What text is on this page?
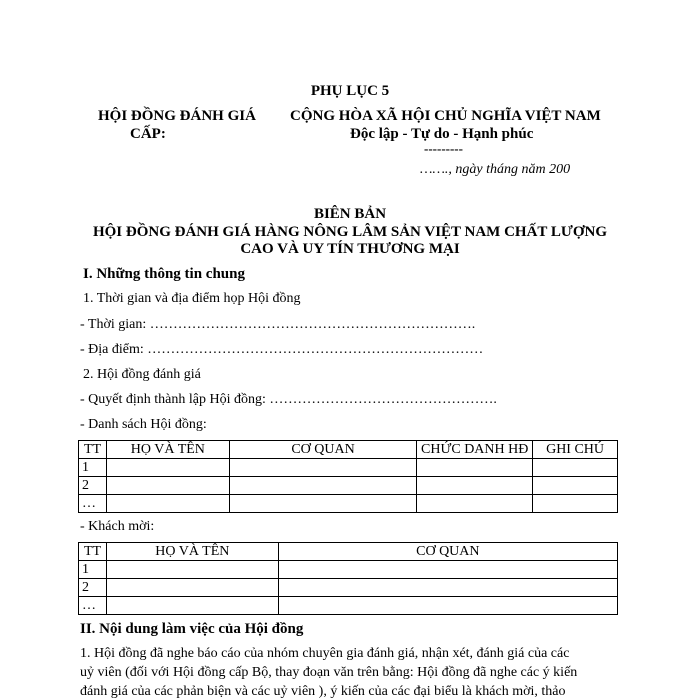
PHỤ LỤC 5
HỘI ĐỒNG ĐÁNH GIÁ
CẤP:
CỘNG HÒA XÃ HỘI CHỦ NGHĨA VIỆT NAM
Độc lập - Tự do - Hạnh phúc
---------
……., ngày tháng năm 200
BIÊN BẢN
HỘI ĐỒNG ĐÁNH GIÁ HÀNG NÔNG LÂM SẢN VIỆT NAM CHẤT LƯỢNG
CAO VÀ UY TÍN THƯƠNG MẠI
I. Những thông tin chung
1. Thời gian và địa điểm họp Hội đồng
- Thời gian: …………………………………………………………….
- Địa điểm: ………………………………………………………………
2. Hội đồng đánh giá
- Quyết định thành lập Hội đồng: ………………………………………….
- Danh sách Hội đồng:
TT	HỌ VÀ TÊN	CƠ QUAN	CHỨC DANH HĐ	GHI CHÚ
1				
2				
…				
- Khách mời:
TT	HỌ VÀ TÊN	CƠ QUAN
1		
2		
…		
II. Nội dung làm việc của Hội đồng
1. Hội đồng đã nghe báo cáo của nhóm chuyên gia đánh giá, nhận xét, đánh giá của các
uỷ viên (đối với Hội đồng cấp Bộ, thay đoạn văn trên bằng: Hội đồng đã nghe các ý kiến
đánh giá của các phản biện và các uỷ viên ), ý kiến của các đại biểu là khách mời, thảo
